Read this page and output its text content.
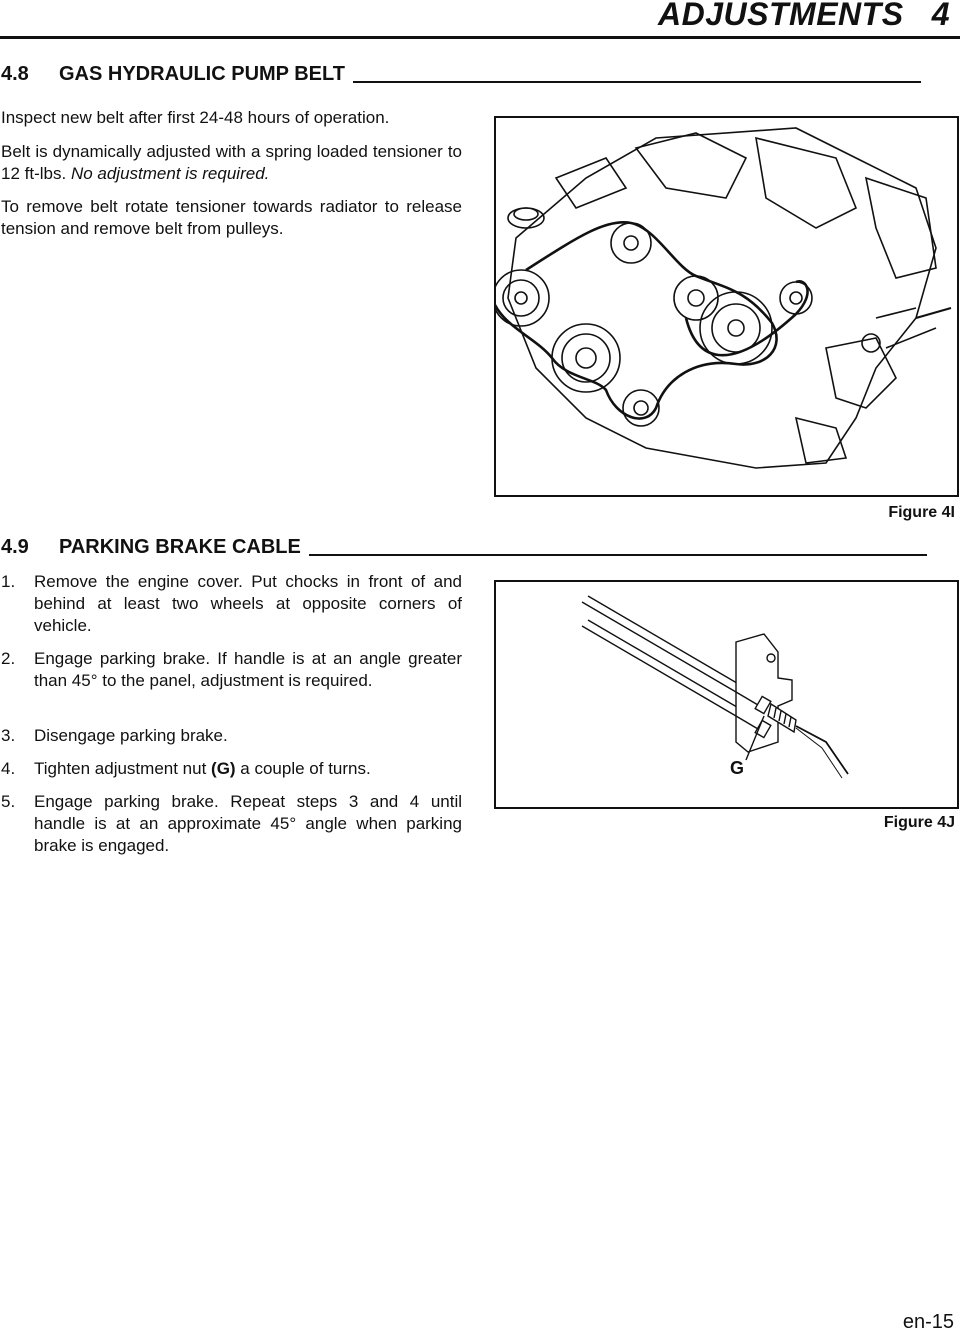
ADJUSTMENTS   4
4.8	GAS HYDRAULIC PUMP BELT

Inspect new belt after first 24-48 hours of operation.

Belt is dynamically adjusted with a spring loaded tensioner to 12 ft-lbs. No adjustment is required.

To remove belt rotate tensioner towards radiator to release tension and remove belt from pulleys.

Figure 4I
4.9	PARKING BRAKE CABLE
1. Remove the engine cover. Put chocks in front of and behind at least two wheels at opposite corners of vehicle.
2. Engage parking brake. If handle is at an angle greater than 45° to the panel, adjustment is required.
3. Disengage parking brake.
4. Tighten adjustment nut (G) a couple of turns.
5. Engage parking brake. Repeat steps 3 and 4 until handle is at an approximate 45° angle when parking brake is engaged.
G
Figure 4J
en-15
